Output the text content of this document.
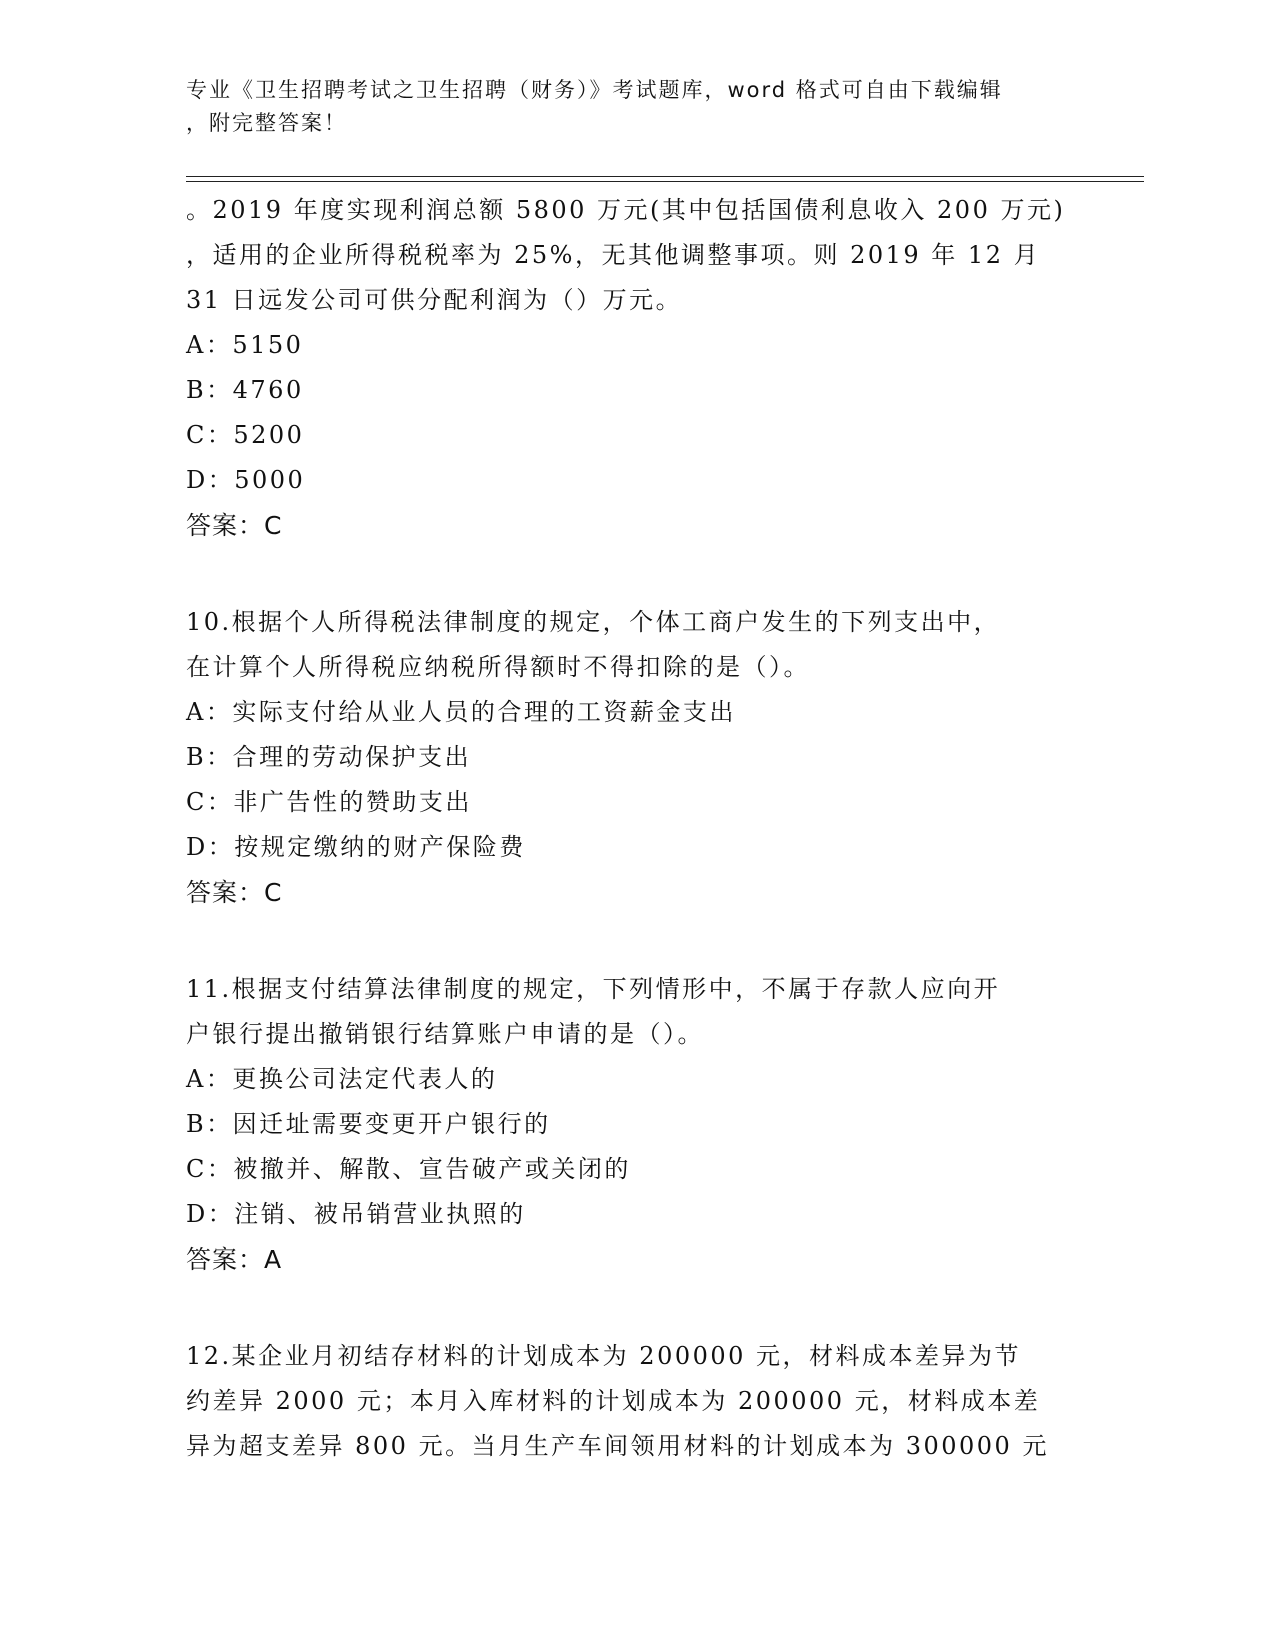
专业《卫生招聘考试之卫生招聘（财务）》考试题库，word 格式可自由下载编辑
，附完整答案！
。2019 年度实现利润总额 5800 万元(其中包括国债利息收入 200 万元)
，适用的企业所得税税率为 25%，无其他调整事项。则 2019 年 12 月
31 日远发公司可供分配利润为（）万元。
A：5150
B：4760
C：5200
D：5000
答案：C
10.根据个人所得税法律制度的规定，个体工商户发生的下列支出中，
在计算个人所得税应纳税所得额时不得扣除的是（）。
A：实际支付给从业人员的合理的工资薪金支出
B：合理的劳动保护支出
C：非广告性的赞助支出
D：按规定缴纳的财产保险费
答案：C
11.根据支付结算法律制度的规定，下列情形中，不属于存款人应向开
户银行提出撤销银行结算账户申请的是（）。
A：更换公司法定代表人的
B：因迁址需要变更开户银行的
C：被撤并、解散、宣告破产或关闭的
D：注销、被吊销营业执照的
答案：A
12.某企业月初结存材料的计划成本为 200000 元，材料成本差异为节
约差异 2000 元；本月入库材料的计划成本为 200000 元，材料成本差
异为超支差异 800 元。当月生产车间领用材料的计划成本为 300000 元
